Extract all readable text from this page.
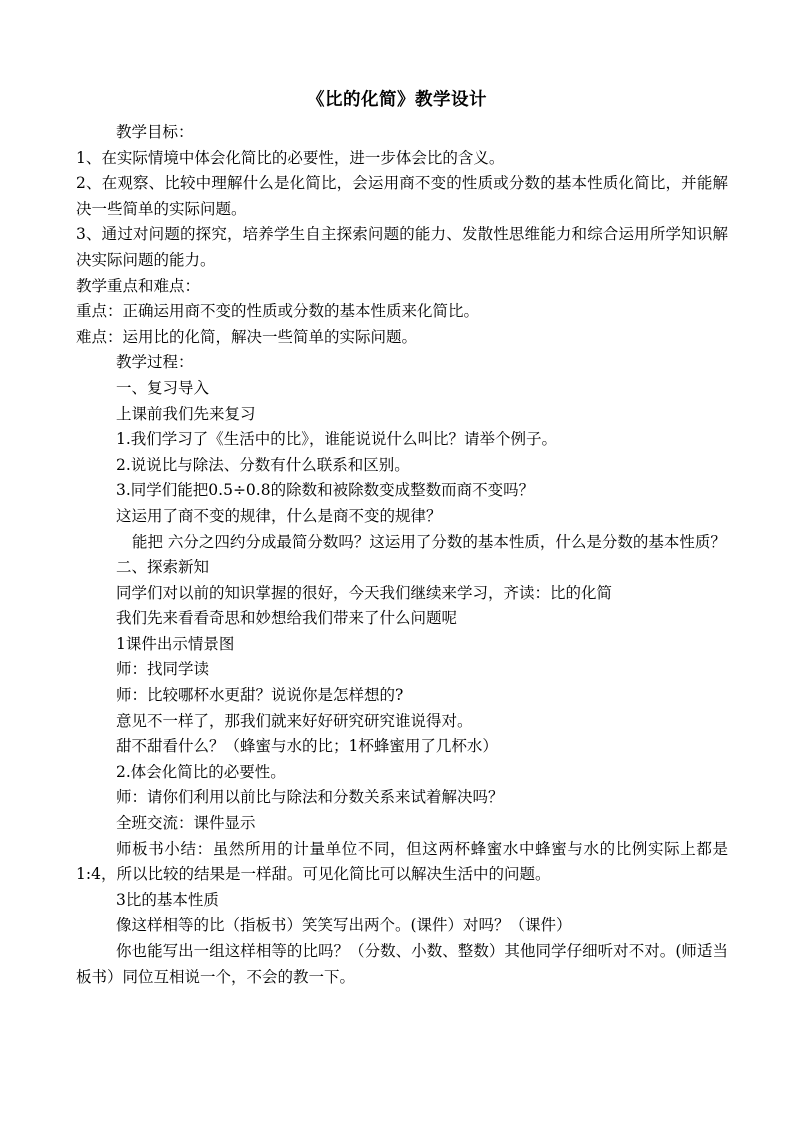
《比的化简》教学设计

教学目标：

1、在实际情境中体会化简比的必要性，进一步体会比的含义。

2、在观察、比较中理解什么是化简比，会运用商不变的性质或分数的基本性质化简比，并能解决一些简单的实际问题。

3、通过对问题的探究，培养学生自主探索问题的能力、发散性思维能力和综合运用所学知识解决实际问题的能力。

教学重点和难点：

重点：正确运用商不变的性质或分数的基本性质来化简比。

难点：运用比的化简，解决一些简单的实际问题。

教学过程：

一、复习导入

上课前我们先来复习

1.我们学习了《生活中的比》，谁能说说什么叫比？请举个例子。

2.说说比与除法、分数有什么联系和区别。

3.同学们能把0.5÷0.8的除数和被除数变成整数而商不变吗？

这运用了商不变的规律，什么是商不变的规律？

能把 六分之四约分成最简分数吗？这运用了分数的基本性质，什么是分数的基本性质？

二、探索新知

同学们对以前的知识掌握的很好，今天我们继续来学习，齐读：比的化简

我们先来看看奇思和妙想给我们带来了什么问题呢

1课件出示情景图

师：找同学读

师：比较哪杯水更甜？说说你是怎样想的?

意见不一样了，那我们就来好好研究研究谁说得对。

甜不甜看什么？（蜂蜜与水的比；1杯蜂蜜用了几杯水）

2.体会化简比的必要性。

师：请你们利用以前比与除法和分数关系来试着解决吗？

全班交流：课件显示

师板书小结：虽然所用的计量单位不同，但这两杯蜂蜜水中蜂蜜与水的比例实际上都是1:4，所以比较的结果是一样甜。可见化简比可以解决生活中的问题。

3比的基本性质

像这样相等的比（指板书）笑笑写出两个。(课件）对吗？（课件）

你也能写出一组这样相等的比吗？（分数、小数、整数）其他同学仔细听对不对。(师适当板书）同位互相说一个，不会的教一下。
